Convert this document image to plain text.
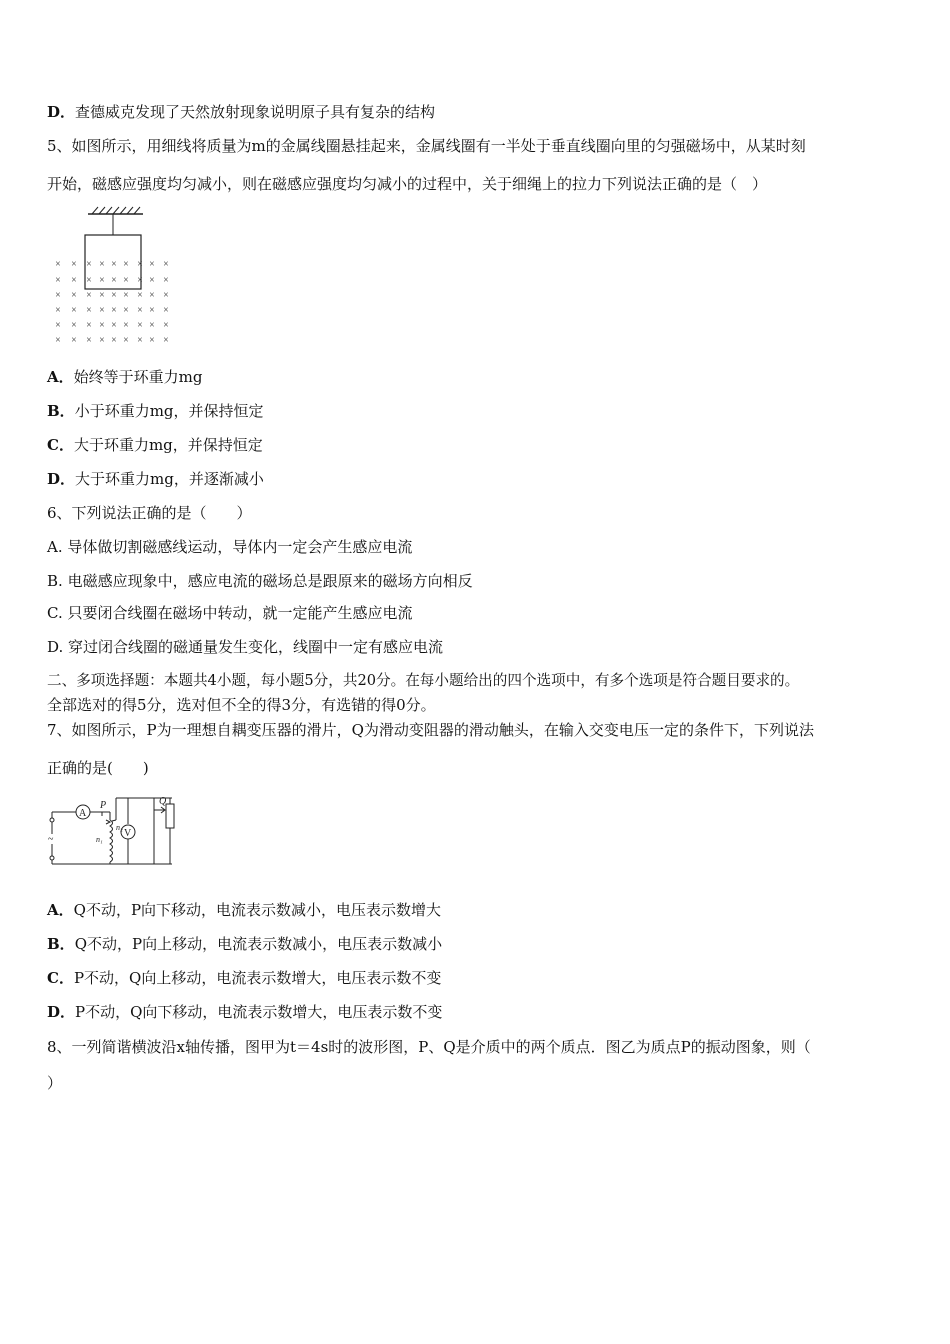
D．查德威克发现了天然放射现象说明原子具有复杂的结构
5、如图所示，用细线将质量为m的金属线圈悬挂起来，金属线圈有一半处于垂直线圈向里的匀强磁场中，从某时刻
开始，磁感应强度均匀减小，则在磁感应强度均匀减小的过程中，关于细绳上的拉力下列说法正确的是（　）
× × × × × × × × ×
× × × × × × × × ×
× × × × × × × × ×
× × × × × × × × ×
× × × × × × × × ×
× × × × × × × × ×
A．始终等于环重力mg
B．小于环重力mg，并保持恒定
C．大于环重力mg，并保持恒定
D．大于环重力mg，并逐渐减小
6、下列说法正确的是（　　）
A. 导体做切割磁感线运动，导体内一定会产生感应电流
B. 电磁感应现象中，感应电流的磁场总是跟原来的磁场方向相反
C. 只要闭合线圈在磁场中转动，就一定能产生感应电流
D. 穿过闭合线圈的磁通量发生变化，线圈中一定有感应电流
二、多项选择题：本题共4小题，每小题5分，共20分。在每小题给出的四个选项中，有多个选项是符合题目要求的。
全部选对的得5分，选对但不全的得3分，有选错的得0分。
7、如图所示，P为一理想自耦变压器的滑片，Q为滑动变阻器的滑动触头，在输入交变电压一定的条件下，下列说法
正确的是(　　)
A
V
P	Q
n₁
n₂
~
A．Q不动，P向下移动，电流表示数减小，电压表示数增大
B．Q不动，P向上移动，电流表示数减小，电压表示数减小
C．P不动，Q向上移动，电流表示数增大，电压表示数不变
D．P不动，Q向下移动，电流表示数增大，电压表示数不变
8、一列简谐横波沿x轴传播，图甲为t＝4s时的波形图，P、Q是介质中的两个质点．图乙为质点P的振动图象，则（
）
